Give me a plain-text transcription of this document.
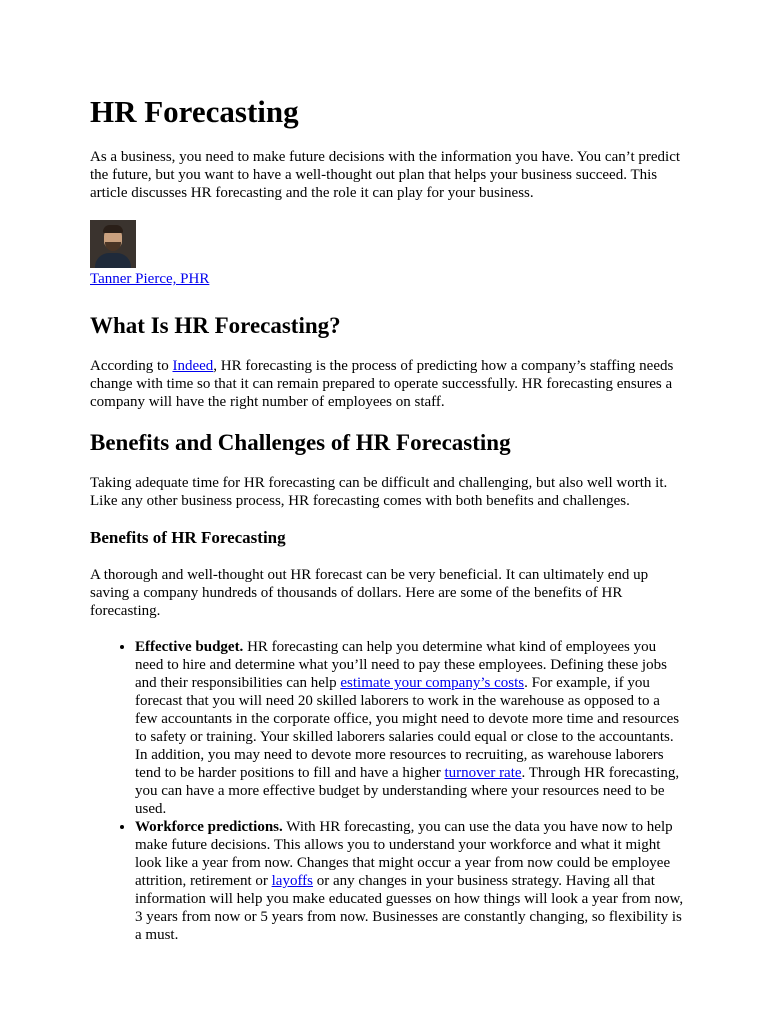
HR Forecasting

As a business, you need to make future decisions with the information you have. You can’t predict the future, but you want to have a well-thought out plan that helps your business succeed. This article discusses HR forecasting and the role it can play for your business.

Tanner Pierce, PHR
What Is HR Forecasting?

According to Indeed, HR forecasting is the process of predicting how a company’s staffing needs change with time so that it can remain prepared to operate successfully. HR forecasting ensures a company will have the right number of employees on staff.

Benefits and Challenges of HR Forecasting

Taking adequate time for HR forecasting can be difficult and challenging, but also well worth it. Like any other business process, HR forecasting comes with both benefits and challenges.

Benefits of HR Forecasting

A thorough and well-thought out HR forecast can be very beneficial. It can ultimately end up saving a company hundreds of thousands of dollars. Here are some of the benefits of HR forecasting.

• Effective budget. HR forecasting can help you determine what kind of employees you need to hire and determine what you’ll need to pay these employees. Defining these jobs and their responsibilities can help estimate your company’s costs. For example, if you forecast that you will need 20 skilled laborers to work in the warehouse as opposed to a few accountants in the corporate office, you might need to devote more time and resources to safety or training. Your skilled laborers salaries could equal or close to the accountants. In addition, you may need to devote more resources to recruiting, as warehouse laborers tend to be harder positions to fill and have a higher turnover rate. Through HR forecasting, you can have a more effective budget by understanding where your resources need to be used.
• Workforce predictions. With HR forecasting, you can use the data you have now to help make future decisions. This allows you to understand your workforce and what it might look like a year from now. Changes that might occur a year from now could be employee attrition, retirement or layoffs or any changes in your business strategy. Having all that information will help you make educated guesses on how things will look a year from now, 3 years from now or 5 years from now. Businesses are constantly changing, so flexibility is a must.
